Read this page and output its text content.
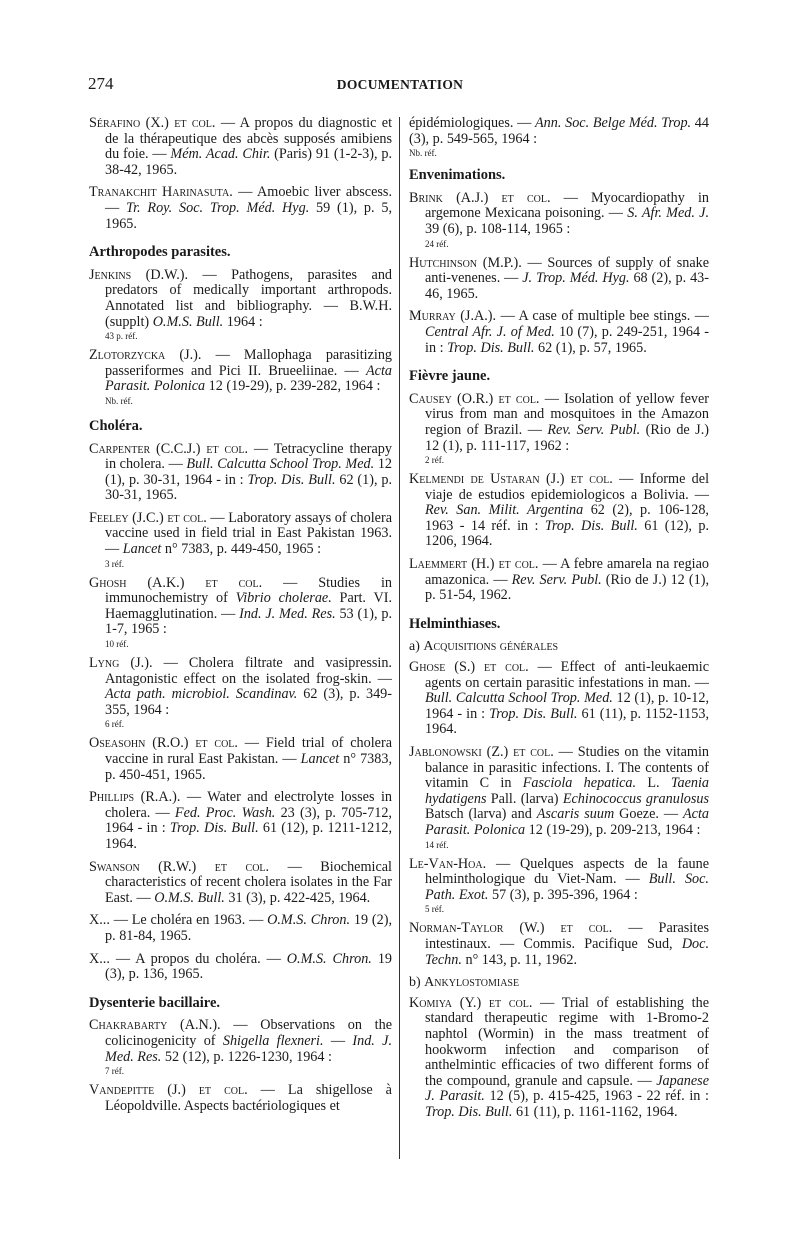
274	DOCUMENTATION
Sérafino (X.) et col. — A propos du diagnostic et de la thérapeutique des abcès supposés amibiens du foie. — Mém. Acad. Chir. (Paris) 91 (1-2-3), p. 38-42, 1965.
Tranakchit Harinasuta. — Amoebic liver abscess. — Tr. Roy. Soc. Trop. Méd. Hyg. 59 (1), p. 5, 1965.
Arthropodes parasites.
Jenkins (D.W.). — Pathogens, parasites and predators of medically important arthropods. Annotated list and bibliography. — B.W.H. (supplt) O.M.S. Bull. 1964 :
43 p. réf.
Zlotorzycka (J.). — Mallophaga parasitizing passeriformes and Pici II. Brueeliinae. — Acta Parasit. Polonica 12 (19-29), p. 239-282, 1964 :
Nb. réf.
Choléra.
Carpenter (C.C.J.) et col. — Tetracycline therapy in cholera. — Bull. Calcutta School Trop. Med. 12 (1), p. 30-31, 1964 - in : Trop. Dis. Bull. 62 (1), p. 30-31, 1965.
Feeley (J.C.) et col. — Laboratory assays of cholera vaccine used in field trial in East Pakistan 1963. — Lancet n° 7383, p. 449-450, 1965 :
3 réf.
Ghosh (A.K.) et col. — Studies in immunochemistry of Vibrio cholerae. Part. VI. Haemagglutination. — Ind. J. Med. Res. 53 (1), p. 1-7, 1965 :
10 réf.
Lyng (J.). — Cholera filtrate and vasipressin. Antagonistic effect on the isolated frog-skin. — Acta path. microbiol. Scandinav. 62 (3), p. 349-355, 1964 :
6 réf.
Oseasohn (R.O.) et col. — Field trial of cholera vaccine in rural East Pakistan. — Lancet n° 7383, p. 450-451, 1965.
Phillips (R.A.). — Water and electrolyte losses in cholera. — Fed. Proc. Wash. 23 (3), p. 705-712, 1964 - in : Trop. Dis. Bull. 61 (12), p. 1211-1212, 1964.
Swanson (R.W.) et col. — Biochemical characteristics of recent cholera isolates in the Far East. — O.M.S. Bull. 31 (3), p. 422-425, 1964.
X... — Le choléra en 1963. — O.M.S. Chron. 19 (2), p. 81-84, 1965.
X... — A propos du choléra. — O.M.S. Chron. 19 (3), p. 136, 1965.
Dysenterie bacillaire.
Chakrabarty (A.N.). — Observations on the colicinogenicity of Shigella flexneri. — Ind. J. Med. Res. 52 (12), p. 1226-1230, 1964 :
7 réf.
Vandepitte (J.) et col. — La shigellose à Léopoldville. Aspects bactériologiques et
épidémiologiques. — Ann. Soc. Belge Méd. Trop. 44 (3), p. 549-565, 1964 :
Nb. réf.
Envenimations.
Brink (A.J.) et col. — Myocardiopathy in argemone Mexicana poisoning. — S. Afr. Med. J. 39 (6), p. 108-114, 1965 :
24 réf.
Hutchinson (M.P.). — Sources of supply of snake anti-venenes. — J. Trop. Méd. Hyg. 68 (2), p. 43-46, 1965.
Murray (J.A.). — A case of multiple bee stings. — Central Afr. J. of Med. 10 (7), p. 249-251, 1964 - in : Trop. Dis. Bull. 62 (1), p. 57, 1965.
Fièvre jaune.
Causey (O.R.) et col. — Isolation of yellow fever virus from man and mosquitoes in the Amazon region of Brazil. — Rev. Serv. Publ. (Rio de J.) 12 (1), p. 111-117, 1962 :
2 réf.
Kelmendi de Ustaran (J.) et col. — Informe del viaje de estudios epidemiologicos a Bolivia. — Rev. San. Milit. Argentina 62 (2), p. 106-128, 1963 - 14 réf. in : Trop. Dis. Bull. 61 (12), p. 1206, 1964.
Laemmert (H.) et col. — A febre amarela na regiao amazonica. — Rev. Serv. Publ. (Rio de J.) 12 (1), p. 51-54, 1962.
Helminthiases.
a) Acquisitions générales
Ghose (S.) et col. — Effect of anti-leukaemic agents on certain parasitic infestations in man. — Bull. Calcutta School Trop. Med. 12 (1), p. 10-12, 1964 - in : Trop. Dis. Bull. 61 (11), p. 1152-1153, 1964.
Jablonowski (Z.) et col. — Studies on the vitamin balance in parasitic infections. I. The contents of vitamin C in Fasciola hepatica. L. Taenia hydatigens Pall. (larva) Echinococcus granulosus Batsch (larva) and Ascaris suum Goeze. — Acta Parasit. Polonica 12 (19-29), p. 209-213, 1964 :
14 réf.
Le-Van-Hoa. — Quelques aspects de la faune helminthologique du Viet-Nam. — Bull. Soc. Path. Exot. 57 (3), p. 395-396, 1964 :
5 réf.
Norman-Taylor (W.) et col. — Parasites intestinaux. — Commis. Pacifique Sud, Doc. Techn. n° 143, p. 11, 1962.
b) Ankylostomiase
Komiya (Y.) et col. — Trial of establishing the standard therapeutic regime with 1-Bromo-2 naphtol (Wormin) in the mass treatment of hookworm infection and comparison of anthelmintic efficacies of two different forms of the compound, granule and capsule. — Japanese J. Parasit. 12 (5), p. 415-425, 1963 - 22 réf. in : Trop. Dis. Bull. 61 (11), p. 1161-1162, 1964.
